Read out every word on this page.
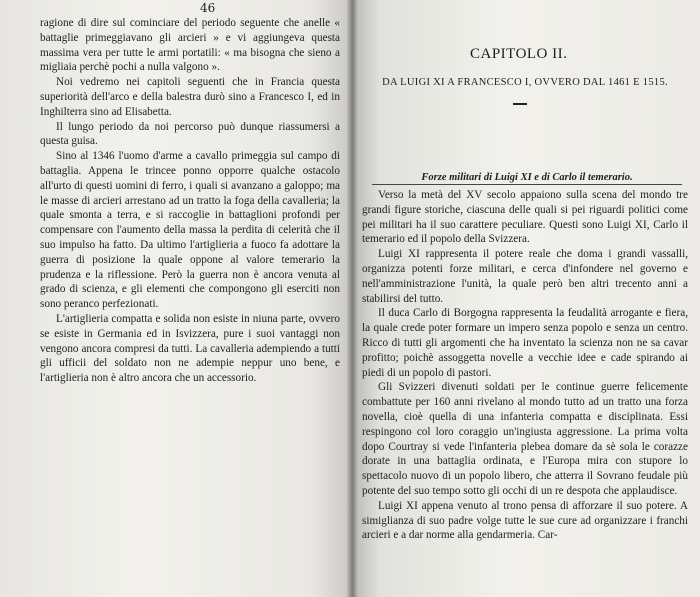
46

ragione di dire sul cominciare del periodo seguente che anelle « battaglie primeggiavano gli arcieri » e vi aggiungeva questa massima vera per tutte le armi portatili: « ma bisogna che sieno a migliaia perchè pochi a nulla valgono ».

Noi vedremo nei capitoli seguenti che in Francia questa superiorità dell'arco e della balestra durò sino a Francesco I, ed in Inghilterra sino ad Elisabetta.

Il lungo periodo da noi percorso può dunque riassumersi a questa guisa.

Sino al 1346 l'uomo d'arme a cavallo primeggia sul campo di battaglia. Appena le trincee ponno opporre qualche ostacolo all'urto di questi uomini di ferro, i quali si avanzano a galoppo; ma le masse di arcieri arrestano ad un tratto la foga della cavalleria; la quale smonta a terra, e si raccoglie in battaglioni profondi per compensare con l'aumento della massa la perdita di celerità che il suo impulso ha fatto. Da ultimo l'artiglieria a fuoco fa adottare la guerra di posizione la quale oppone al valore temerario la prudenza e la riflessione. Però la guerra non è ancora venuta al grado di scienza, e gli elementi che compongono gli eserciti non sono peranco perfezionati.

L'artiglieria compatta e solida non esiste in niuna parte, ovvero se esiste in Germania ed in Isvizzera, pure i suoi vantaggi non vengono ancora compresi da tutti. La cavalleria adempiendo a tutti gli ufficii del soldato non ne adempie neppur uno bene, e l'artiglieria non è altro ancora che un accessorio.

CAPITOLO II.
DA LUIGI XI A FRANCESCO I, OVVERO DAL 1461 E 1515.
Forze militari di Luigi XI e di Carlo il temerario.

Verso la metà del XV secolo appaiono sulla scena del mondo tre grandi figure storiche, ciascuna delle quali si pei riguardi politici come pei militari ha il suo carattere peculiare. Questi sono Luigi XI, Carlo il temerario ed il popolo della Svizzera.

Luigi XI rappresenta il potere reale che doma i grandi vassalli, organizza potenti forze militari, e cerca d'infondere nel governo e nell'amministrazione l'unità, la quale però ben altri trecento anni a stabilirsi del tutto.

Il duca Carlo di Borgogna rappresenta la feudalità arrogante e fiera, la quale crede poter formare un impero senza popolo e senza un centro. Ricco di tutti gli argomenti che ha inventato la scienza non ne sa cavar profitto; poichè assoggetta novelle a vecchie idee e cade spirando ai piedi di un popolo di pastori.

Gli Svizzeri divenuti soldati per le continue guerre felicemente combattute per 160 anni rivelano al mondo tutto ad un tratto una forza novella, cioè quella di una infanteria compatta e disciplinata. Essi respingono col loro coraggio un'ingiusta aggressione. La prima volta dopo Courtray si vede l'infanteria plebea domare da sè sola le corazze dorate in una battaglia ordinata, e l'Europa mira con stupore lo spettacolo nuovo di un popolo libero, che atterra il Sovrano feudale più potente del suo tempo sotto gli occhi di un re despota che applaudisce.

Luigi XI appena venuto al trono pensa di afforzare il suo potere. A simiglianza di suo padre volge tutte le sue cure ad organizzare i franchi arcieri e a dar norme alla gendarmeria. Car-
